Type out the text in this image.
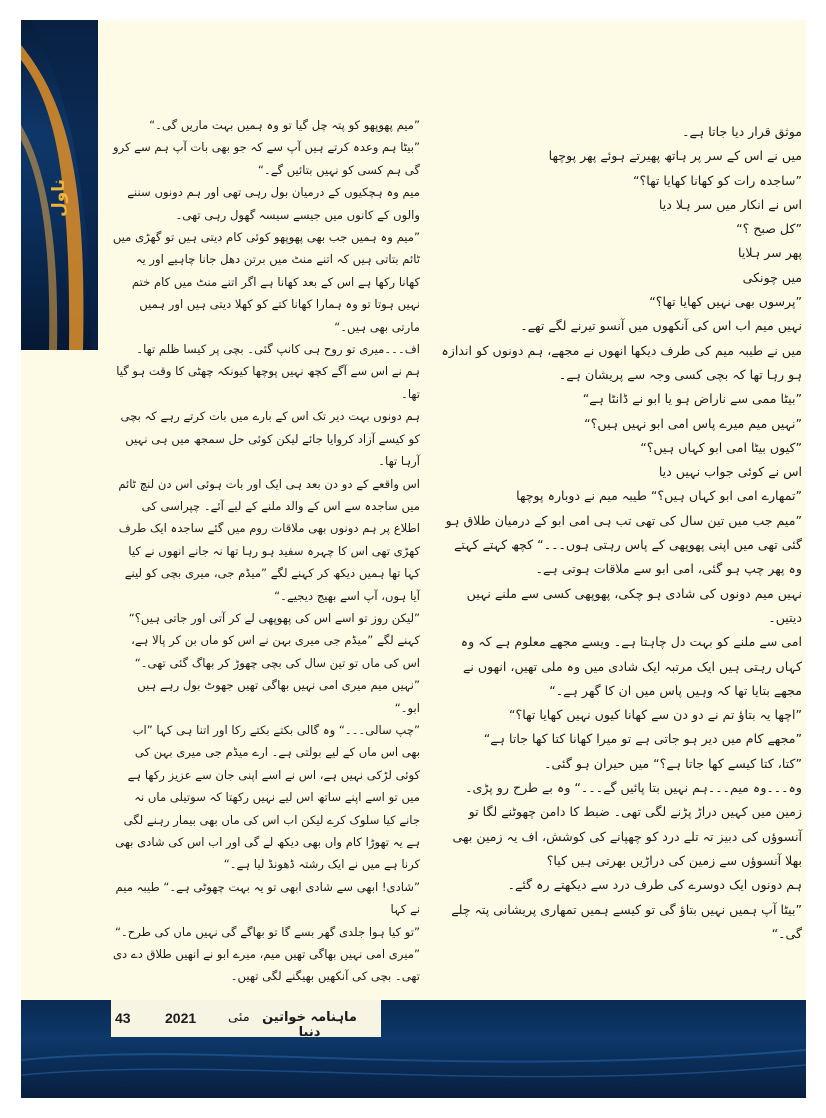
ناول

موثق قرار دیا جاتا ہے۔

میں نے اس کے سر پر ہاتھ پھیرتے ہوئے پھر پوچھا

”ساجدہ رات کو کھانا کھایا تھا؟“

اس نے انکار میں سر ہلا دیا

”کل صبح ؟“

پھر سر ہلایا

میں چونکی

”پرسوں بھی نہیں کھایا تھا؟“

نہیں میم اب اس کی آنکھوں میں آنسو تیرنے لگے تھے۔

میں نے طیبہ میم کی طرف دیکھا انھوں نے مجھے، ہم دونوں کو اندازہ ہو رہا تھا کہ بچی کسی وجہ سے پریشان ہے۔

”بیٹا ممی سے ناراض ہو یا ابو نے ڈانٹا ہے“

”نہیں میم میرے پاس امی ابو نہیں ہیں؟“

”کیوں بیٹا امی ابو کہاں ہیں؟“

اس نے کوئی جواب نہیں دیا

”تمھارے امی ابو کہاں ہیں؟“ طیبہ میم نے دوبارہ پوچھا

”میم جب میں تین سال کی تھی تب ہی امی ابو کے درمیان طلاق ہو گئی تھی میں اپنی پھوپھی کے پاس رہتی ہوں۔۔۔“ کچھ کہتے کہتے وہ پھر چپ ہو گئی، امی ابو سے ملاقات ہوتی ہے۔

نہیں میم دونوں کی شادی ہو چکی، پھوپھی کسی سے ملنے نہیں دیتیں۔

امی سے ملنے کو بہت دل چاہتا ہے۔ ویسے مجھے معلوم ہے کہ وہ کہاں رہتی ہیں ایک مرتبہ ایک شادی میں وہ ملی تھیں، انھوں نے مجھے بتایا تھا کہ وہیں پاس میں ان کا گھر ہے۔“

”اچھا یہ بتاؤ تم نے دو دن سے کھانا کیوں نہیں کھایا تھا؟“

”مجھے کام میں دیر ہو جاتی ہے تو میرا کھانا کتا کھا جاتا ہے“

”کتا، کتا کیسے کھا جاتا ہے؟“ میں حیران ہو گئی۔

وہ۔۔۔وہ میم۔۔۔ہم نہیں بتا پائیں گے۔۔۔“ وہ بے طرح رو پڑی۔ زمین میں کہیں دراڑ پڑنے لگی تھی۔ ضبط کا دامن چھوٹنے لگا تو آنسوؤں کی دبیز تہ تلے درد کو چھپانے کی کوشش، اف یہ زمین بھی بھلا آنسوؤں سے زمین کی دراڑیں بھرتی ہیں کیا؟

ہم دونوں ایک دوسرے کی طرف درد سے دیکھتے رہ گئے۔

”بیٹا آپ ہمیں نہیں بتاؤ گی تو کیسے ہمیں تمھاری پریشانی پتہ چلے گی۔“

”میم پھوپھو کو پتہ چل گیا تو وہ ہمیں بہت ماریں گی۔“

”بیٹا ہم وعدہ کرتے ہیں آپ سے کہ جو بھی بات آپ ہم سے کرو گی ہم کسی کو نہیں بتائیں گے۔“

میم وہ ہچکیوں کے درمیان بول رہی تھی اور ہم دونوں سننے والوں کے کانوں میں جیسے سیسہ گھول رہی تھی۔

”میم وہ ہمیں جب بھی پھوپھو کوئی کام دیتی ہیں تو گھڑی میں ٹائم بتاتی ہیں کہ اتنے منٹ میں برتن دھل جانا چاہیے اور یہ کھانا رکھا ہے اس کے بعد کھانا ہے اگر اتنے منٹ میں کام ختم نہیں ہوتا تو وہ ہمارا کھانا کتے کو کھلا دیتی ہیں اور ہمیں مارتی بھی ہیں۔“

اف۔۔۔میری تو روح ہی کانپ گئی۔ بچی پر کیسا ظلم تھا۔

ہم نے اس سے آگے کچھ نہیں پوچھا کیونکہ چھٹی کا وقت ہو گیا تھا۔

ہم دونوں بہت دیر تک اس کے بارے میں بات کرتے رہے کہ بچی کو کیسے آزاد کروایا جائے لیکن کوئی حل سمجھ میں ہی نہیں آرہا تھا۔

اس واقعے کے دو دن بعد ہی ایک اور بات ہوئی اس دن لنچ ٹائم میں ساجدہ سے اس کے والد ملنے کے لیے آئے۔ چپراسی کی اطلاع پر ہم دونوں بھی ملاقات روم میں گئے ساجدہ ایک طرف کھڑی تھی اس کا چہرہ سفید ہو رہا تھا نہ جانے انھوں نے کیا کہا تھا ہمیں دیکھ کر کہنے لگے ”میڈم جی، میری بچی کو لینے آیا ہوں، آپ اسے بھیج دیجیے۔“

”لیکن روز تو اسے اس کی پھوپھی لے کر آتی اور جاتی ہیں؟“

کہنے لگے ”میڈم جی میری بہن نے اس کو ماں بن کر پالا ہے، اس کی ماں تو تین سال کی بچی چھوڑ کر بھاگ گئی تھی۔“

”نہیں میم میری امی نہیں بھاگی تھیں جھوٹ بول رہے ہیں ابو۔“

”چپ سالی۔۔۔“ وہ گالی بکتے بکتے رکا اور اتنا ہی کہا ”اب بھی اس ماں کے لیے بولتی ہے۔ ارے میڈم جی میری بہن کی کوئی لڑکی نہیں ہے، اس نے اسے اپنی جان سے عزیز رکھا ہے میں تو اسے اپنے ساتھ اس لیے نہیں رکھتا کہ سوتیلی ماں نہ جانے کیا سلوک کرے لیکن اب اس کی ماں بھی بیمار رہنے لگی ہے یہ تھوڑا کام واں بھی دیکھ لے گی اور اب اس کی شادی بھی کرنا ہے میں نے ایک رشتہ ڈھونڈ لیا ہے۔“

”شادی! ابھی سے شادی ابھی تو یہ بہت چھوٹی ہے۔“ طیبہ میم نے کہا

”تو کیا ہوا جلدی گھر بسے گا تو بھاگے گی نہیں ماں کی طرح۔“

”میری امی نہیں بھاگی تھیں میم، میرے ابو نے انھیں طلاق دے دی تھی۔ بچی کی آنکھیں بھیگنے لگی تھیں۔

43 2021 مئی ماہنامہ خواتین دنیا
